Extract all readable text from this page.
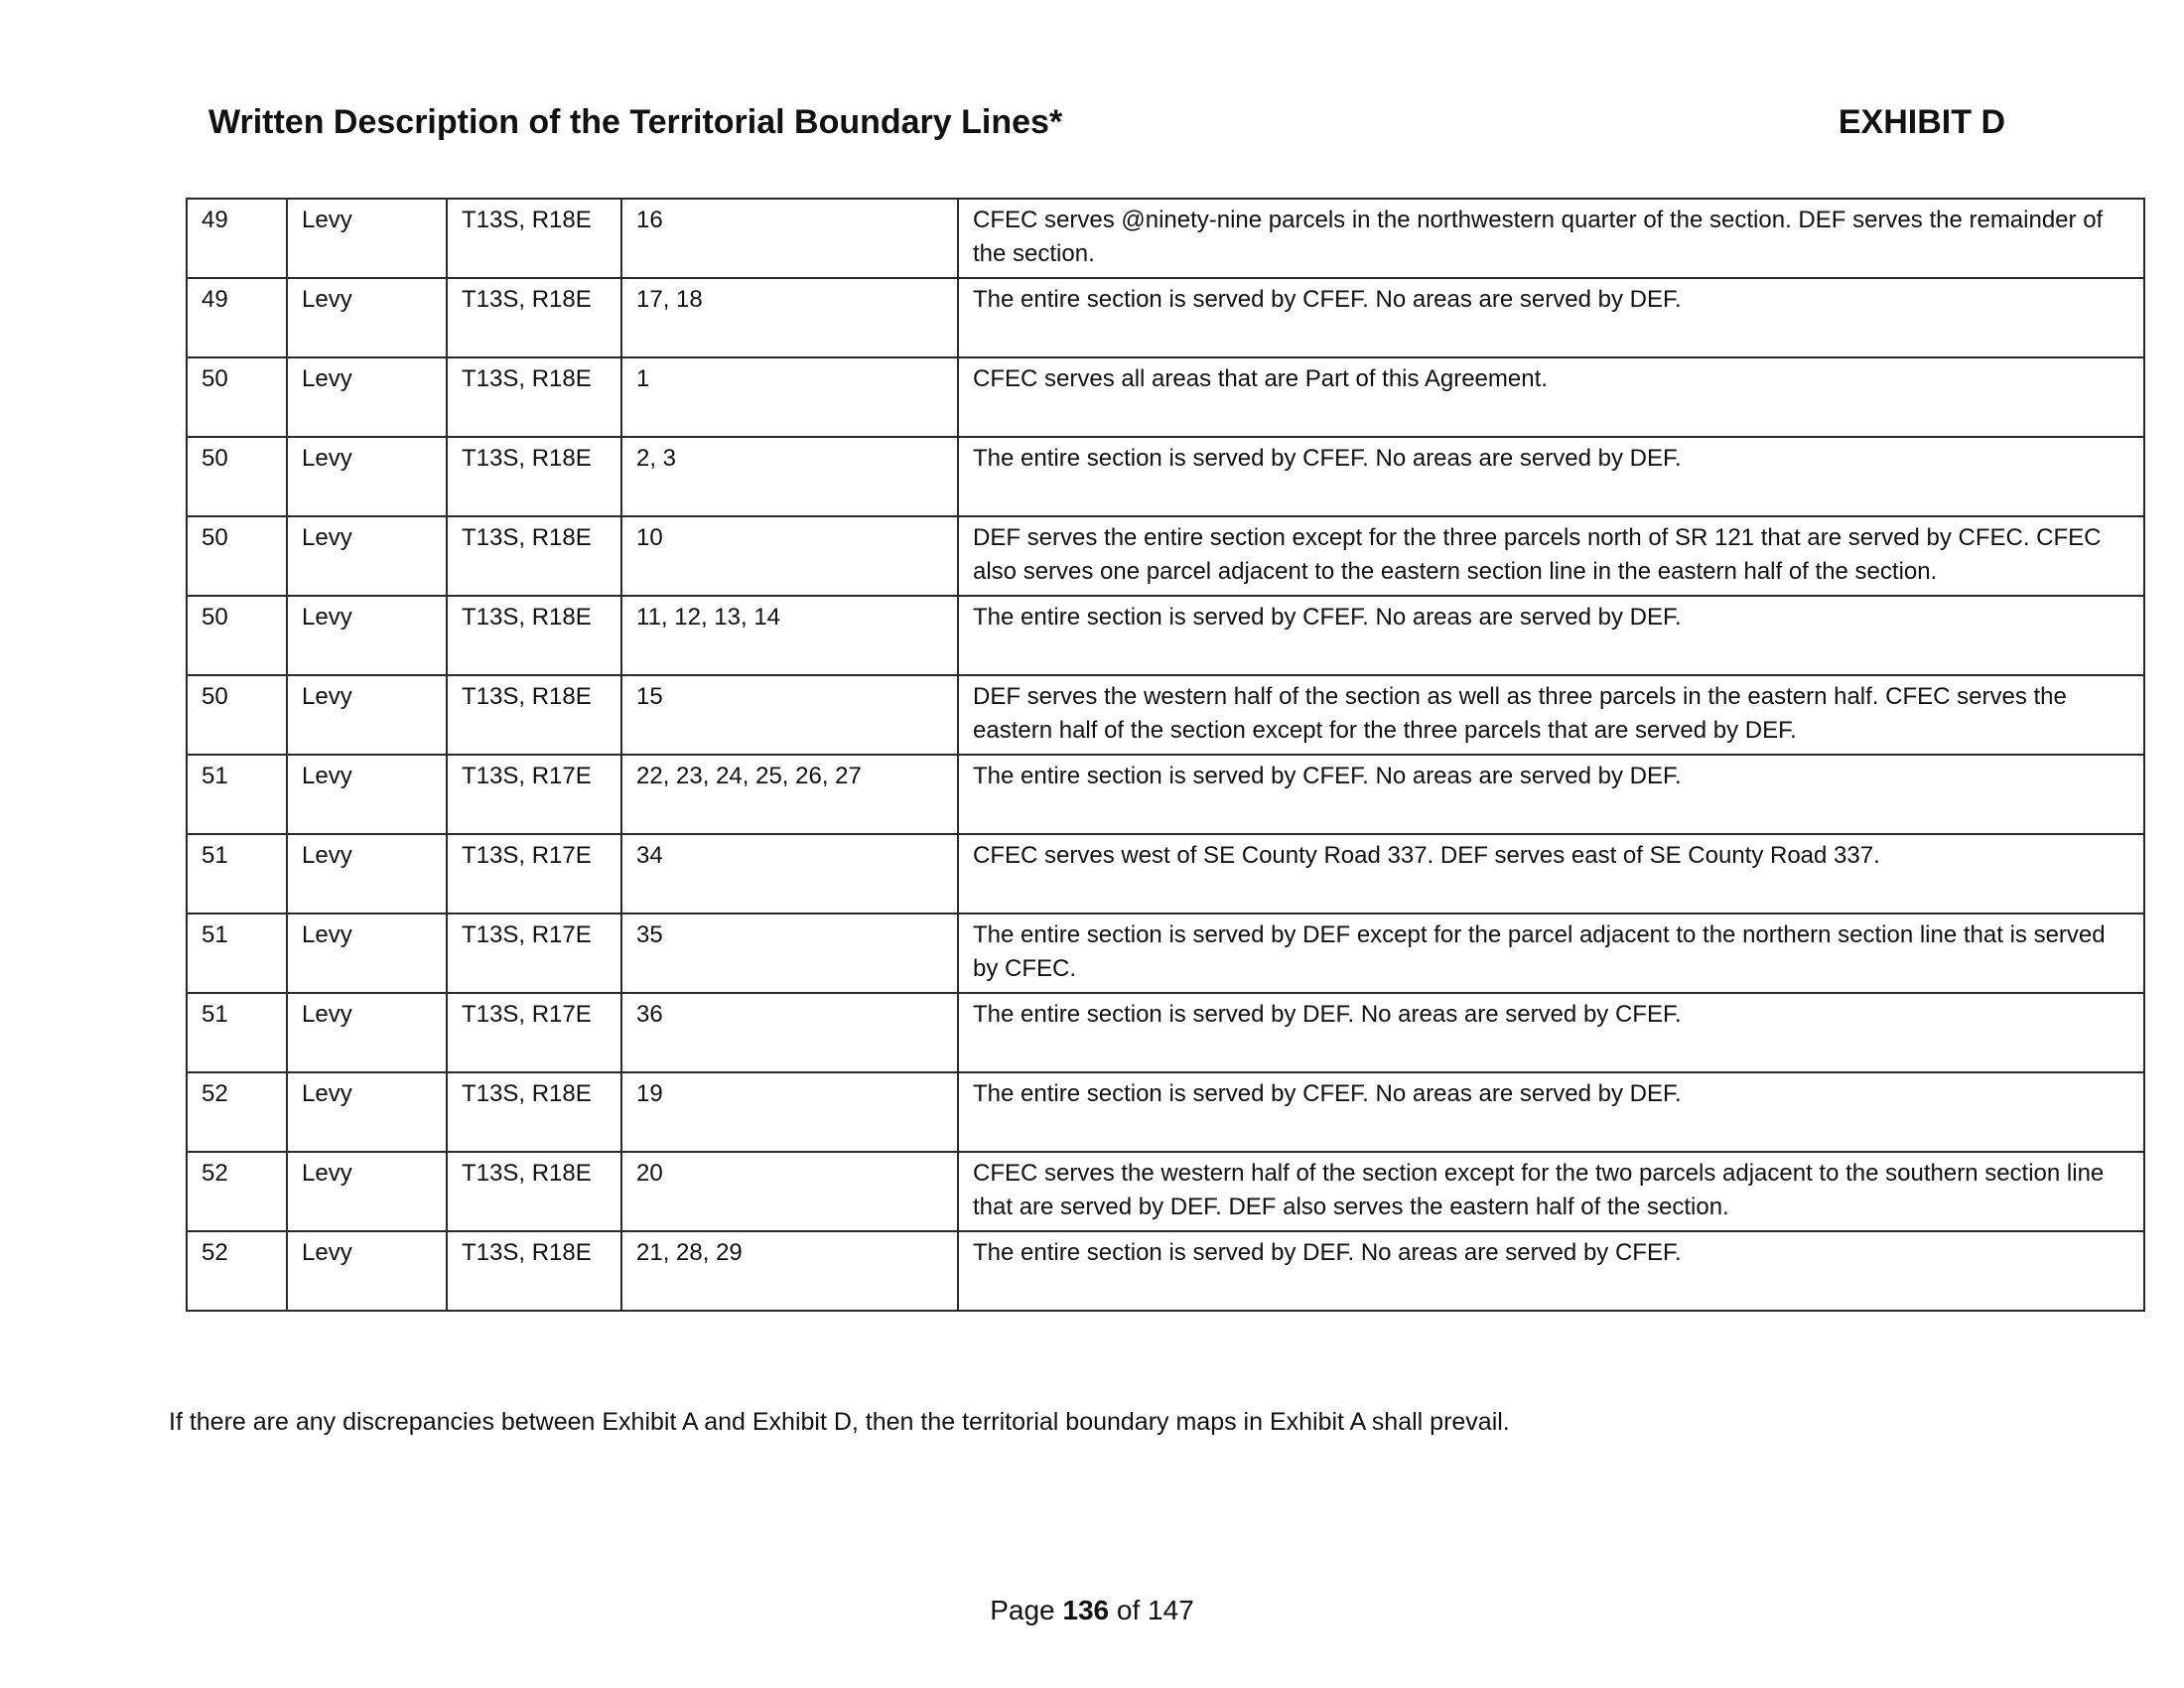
Written Description of the Territorial Boundary Lines*	EXHIBIT D
49	Levy	T13S, R18E	16	CFEC serves @ninety-nine parcels in the northwestern quarter of the section. DEF serves the remainder of the section.
49	Levy	T13S, R18E	17, 18	The entire section is served by CFEF. No areas are served by DEF.
50	Levy	T13S, R18E	1	CFEC serves all areas that are Part of this Agreement.
50	Levy	T13S, R18E	2, 3	The entire section is served by CFEF. No areas are served by DEF.
50	Levy	T13S, R18E	10	DEF serves the entire section except for the three parcels north of SR 121 that are served by CFEC. CFEC also serves one parcel adjacent to the eastern section line in the eastern half of the section.
50	Levy	T13S, R18E	11, 12, 13, 14	The entire section is served by CFEF. No areas are served by DEF.
50	Levy	T13S, R18E	15	DEF serves the western half of the section as well as three parcels in the eastern half. CFEC serves the eastern half of the section except for the three parcels that are served by DEF.
51	Levy	T13S, R17E	22, 23, 24, 25, 26, 27	The entire section is served by CFEF. No areas are served by DEF.
51	Levy	T13S, R17E	34	CFEC serves west of SE County Road 337. DEF serves east of SE County Road 337.
51	Levy	T13S, R17E	35	The entire section is served by DEF except for the parcel adjacent to the northern section line that is served by CFEC.
51	Levy	T13S, R17E	36	The entire section is served by DEF. No areas are served by CFEF.
52	Levy	T13S, R18E	19	The entire section is served by CFEF. No areas are served by DEF.
52	Levy	T13S, R18E	20	CFEC serves the western half of the section except for the two parcels adjacent to the southern section line that are served by DEF. DEF also serves the eastern half of the section.
52	Levy	T13S, R18E	21, 28, 29	The entire section is served by DEF. No areas are served by CFEF.
If there are any discrepancies between Exhibit A and Exhibit D, then the territorial boundary maps in Exhibit A shall prevail.
Page 136 of 147
